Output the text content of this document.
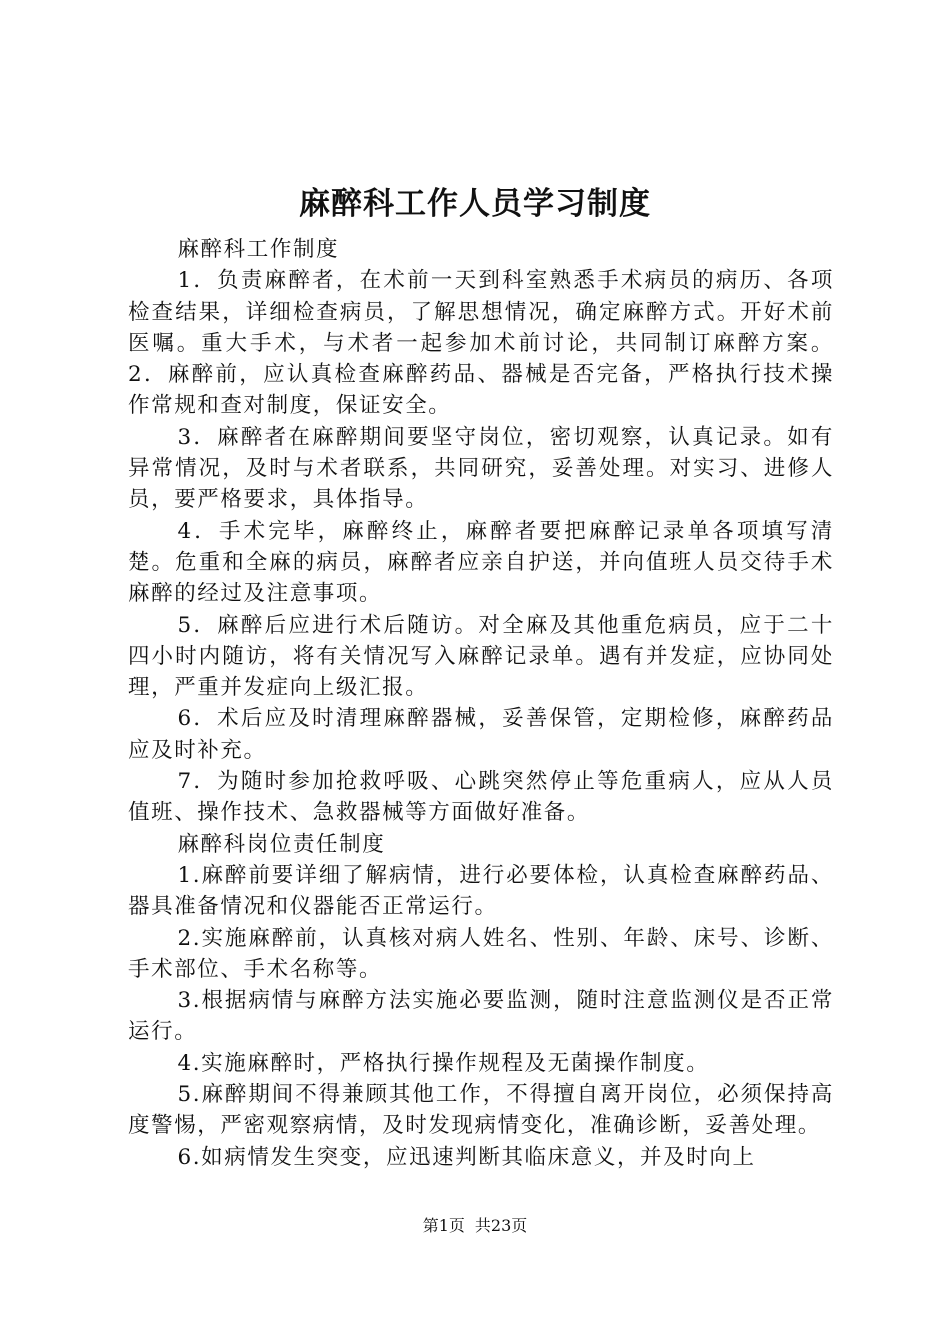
麻醉科工作人员学习制度

麻醉科工作制度

1．负责麻醉者，在术前一天到科室熟悉手术病员的病历、各项检查结果，详细检查病员，了解思想情况，确定麻醉方式。开好术前医嘱。重大手术，与术者一起参加术前讨论，共同制订麻醉方案。 2．麻醉前，应认真检查麻醉药品、器械是否完备，严格执行技术操作常规和查对制度，保证安全。

3．麻醉者在麻醉期间要坚守岗位，密切观察，认真记录。如有异常情况，及时与术者联系，共同研究，妥善处理。对实习、进修人员，要严格要求，具体指导。

4．手术完毕，麻醉终止，麻醉者要把麻醉记录单各项填写清楚。危重和全麻的病员，麻醉者应亲自护送，并向值班人员交待手术麻醉的经过及注意事项。

5．麻醉后应进行术后随访。对全麻及其他重危病员，应于二十四小时内随访，将有关情况写入麻醉记录单。遇有并发症，应协同处理，严重并发症向上级汇报。

6．术后应及时清理麻醉器械，妥善保管，定期检修，麻醉药品应及时补充。

7．为随时参加抢救呼吸、心跳突然停止等危重病人，应从人员值班、操作技术、急救器械等方面做好准备。

麻醉科岗位责任制度

1.麻醉前要详细了解病情，进行必要体检，认真检查麻醉药品、器具准备情况和仪器能否正常运行。

2.实施麻醉前，认真核对病人姓名、性别、年龄、床号、诊断、手术部位、手术名称等。

3.根据病情与麻醉方法实施必要监测，随时注意监测仪是否正常运行。

4.实施麻醉时，严格执行操作规程及无菌操作制度。

5.麻醉期间不得兼顾其他工作，不得擅自离开岗位，必须保持高度警惕，严密观察病情，及时发现病情变化，准确诊断，妥善处理。

6.如病情发生突变，应迅速判断其临床意义，并及时向上

第1页 共23页
